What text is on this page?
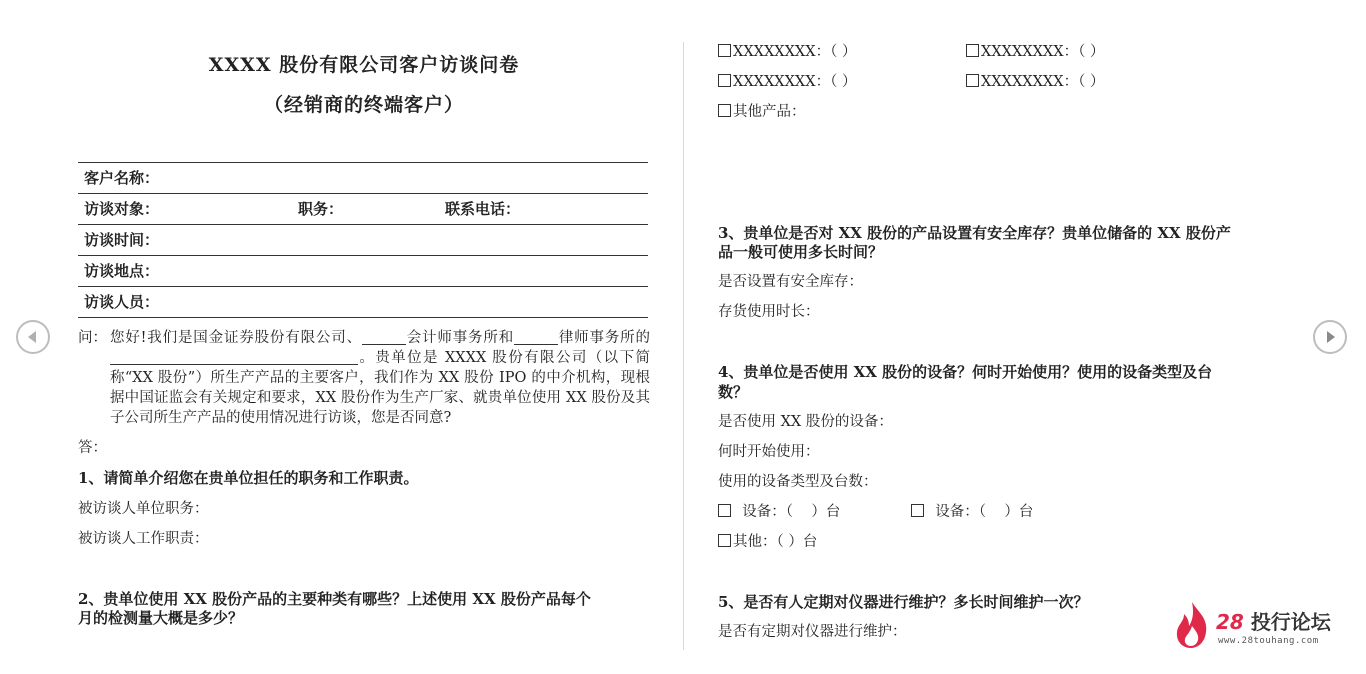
XXXX 股份有限公司客户访谈问卷
（经销商的终端客户）
客户名称：
访谈对象：	职务：	联系电话：
访谈时间：
访谈地点：
访谈人员：
问： 您好!我们是国金证券股份有限公司、	会计师事务所和	律师事务所的。贵单位是 XXXX 股份有限公司（以下简称“XX 股份”）所生产产品的主要客户，我们作为 XX 股份 IPO 的中介机构，现根据中国证监会有关规定和要求，XX 股份作为生产厂家、就贵单位使用 XX 股份及其子公司所生产产品的使用情况进行访谈，您是否同意?
答：
1、请简单介绍您在贵单位担任的职务和工作职责。
被访谈人单位职务：
被访谈人工作职责：
2、贵单位使用 XX 股份产品的主要种类有哪些？上述使用 XX 股份产品每个
月的检测量大概是多少？
XXXXXXXX：（ ）	XXXXXXXX：（ ）
XXXXXXXX：（ ）	XXXXXXXX：（ ）
其他产品：
3、贵单位是否对 XX 股份的产品设置有安全库存？贵单位储备的 XX 股份产
品一般可使用多长时间？
是否设置有安全库存：
存货使用时长：
4、贵单位是否使用 XX 股份的设备？何时开始使用？使用的设备类型及台
数？
是否使用 XX 股份的设备：
何时开始使用：
使用的设备类型及台数：
设备：（    ）台	设备：（    ）台
其他：（ ）台
5、是否有人定期对仪器进行维护？多长时间维护一次？
是否有定期对仪器进行维护：	28 投行论坛
www.28touhang.com
